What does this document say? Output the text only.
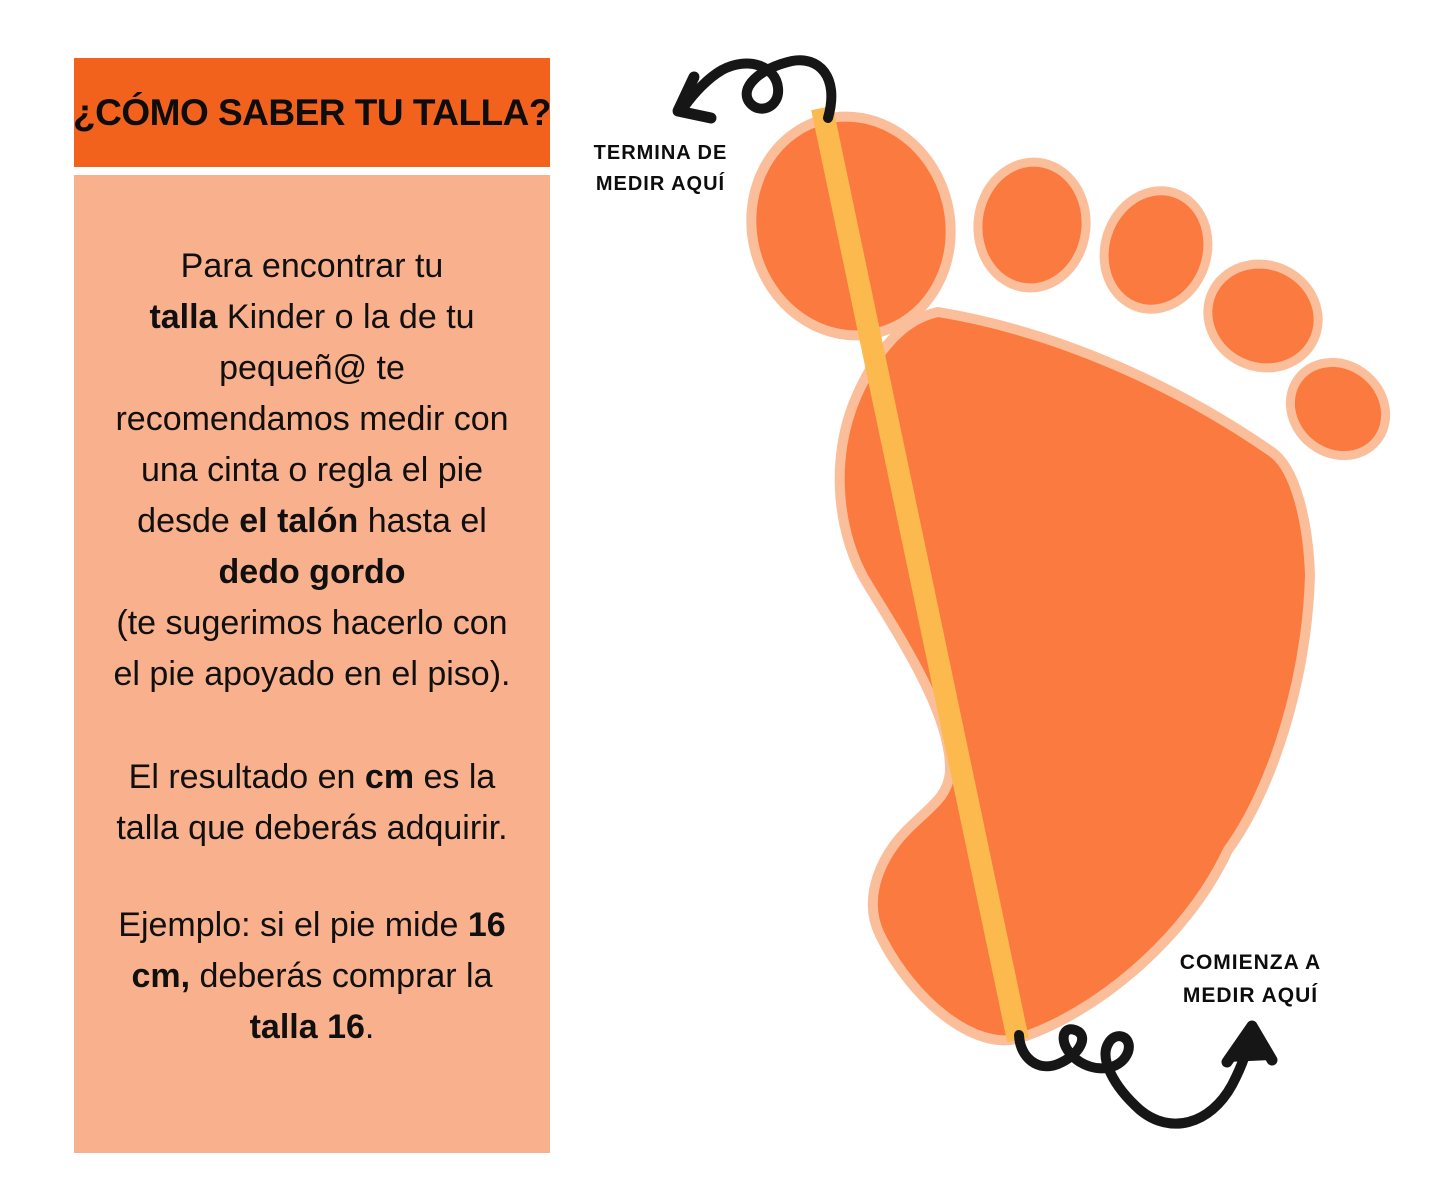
¿CÓMO SABER TU TALLA?

Para encontrar tu
talla Kinder o la de tu
pequeñ@ te
recomendamos medir con
una cinta o regla el pie
desde el talón hasta el
dedo gordo
(te sugerimos hacerlo con
el pie apoyado en el piso).

El resultado en cm es la
talla que deberás adquirir.

Ejemplo: si el pie mide 16
cm, deberás comprar la
talla 16.

TERMINA DE MEDIR AQUÍ
COMIENZA A MEDIR AQUÍ
